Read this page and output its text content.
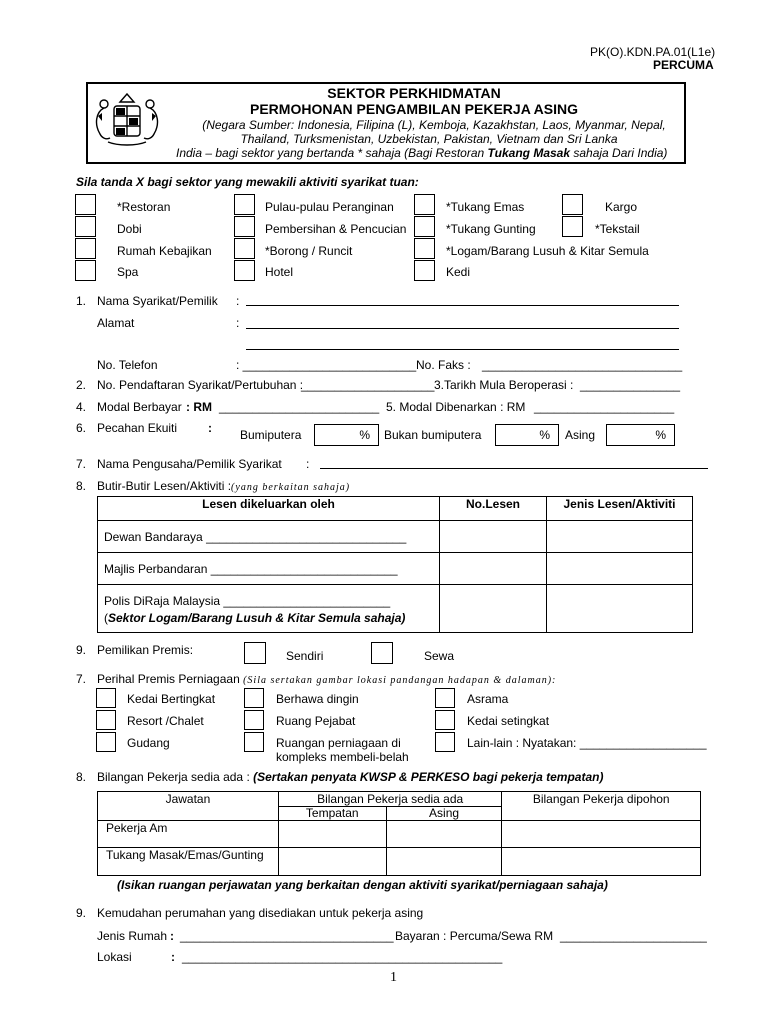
PK(O).KDN.PA.01(L1e)
PERCUMA
SEKTOR PERKHIDMATAN
PERMOHONAN PENGAMBILAN PEKERJA ASING
(Negara Sumber: Indonesia, Filipina (L), Kemboja, Kazakhstan, Laos, Myanmar, Nepal,
Thailand, Turksmenistan, Uzbekistan, Pakistan, Vietnam dan Sri Lanka
India – bagi sektor yang bertanda * sahaja (Bagi Restoran Tukang Masak sahaja Dari India)
Sila tanda X bagi sektor yang mewakili aktiviti syarikat tuan:
*Restoran
Dobi
Rumah Kebajikan
Spa
Pulau-pulau Peranginan
Pembersihan & Pencucian
*Borong / Runcit
Hotel
*Tukang Emas
*Tukang Gunting
*Logam/Barang Lusuh & Kitar Semula
Kedi
Kargo
*Tekstail
1. Nama Syarikat/Pemilik :
Alamat	:
No. Telefon	: __________________________ No. Faks : ______________________________
2. No. Pendaftaran Syarikat/Pertubuhan :
____________________ 3.Tarikh Mula Beroperasi : _______________
4. Modal Berbayar : RM ________________________ 5. Modal Dibenarkan : RM _____________________
6. Pecahan Ekuiti	: Bumiputera	% Bukan bumiputera	% Asing	%
7. Nama Pengusaha/Pemilik Syarikat :
8. Butir-Butir Lesen/Aktiviti :(yang berkaitan sahaja)
Lesen dikeluarkan oleh	No.Lesen	Jenis Lesen/Aktiviti
Dewan Bandaraya ______________________________		
Majlis Perbandaran ____________________________		

Polis DiRaja Malaysia _________________________
(Sektor Logam/Barang Lusuh & Kitar Semula sahaja)		

9. Pemilikan Premis:	Sendiri	Sewa
7. Perihal Premis Perniagaan (Sila sertakan gambar lokasi pandangan hadapan & dalaman):
Kedai Bertingkat
Resort /Chalet
Gudang
Berhawa dingin
Ruang Pejabat
Ruangan perniagaan di
kompleks membeli-belah
Asrama
Kedai setingkat
Lain-lain : Nyatakan: ___________________
8. Bilangan Pekerja sedia ada : (Sertakan penyata KWSP & PERKESO bagi pekerja tempatan)
Jawatan	Bilangan Pekerja sedia ada		Bilangan Pekerja dipohon
	Tempatan	Asing	
Pekerja Am			
Tukang Masak/Emas/Gunting			
(Isikan ruangan perjawatan yang berkaitan dengan aktiviti syarikat/perniagaan sahaja)
9. Kemudahan perumahan yang disediakan untuk pekerja asing
Jenis Rumah : ________________________________ Bayaran : Percuma/Sewa RM ______________________
Lokasi	: ________________________________________________
1
